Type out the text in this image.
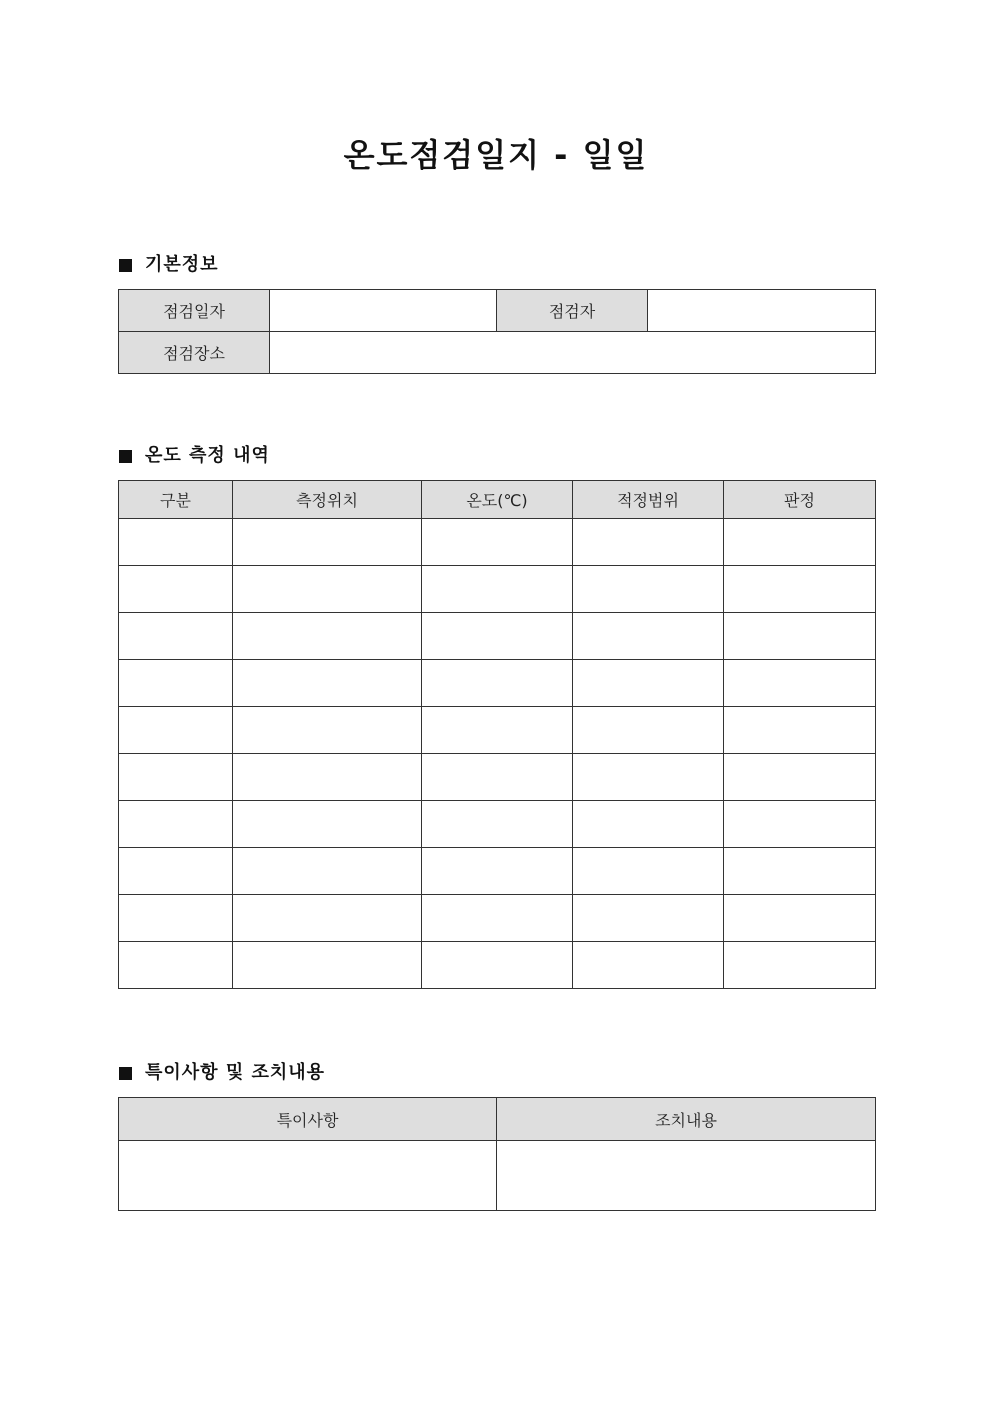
온도점검일지 - 일일
기본정보
점검일자		점검자	
점검장소			
온도 측정 내역
구분	측정위치	온도(℃)	적정범위	판정

특이사항 및 조치내용
특이사항	조치내용
